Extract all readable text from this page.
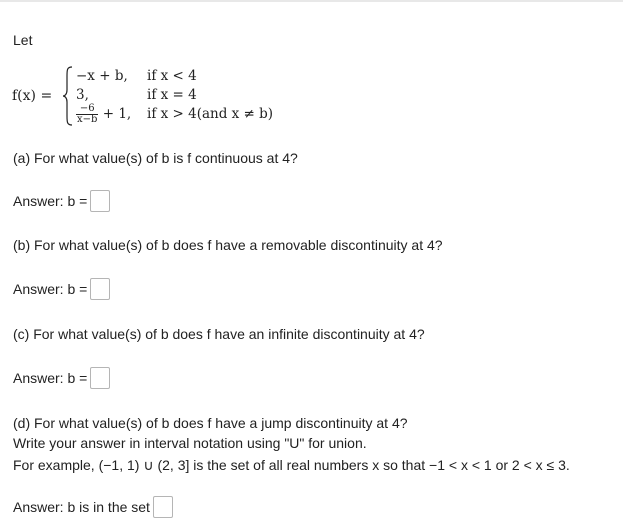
Let
f(x) =
−x + b, if x < 4
3,	if x = 4
$\frac{-6}{x-b} + 1$, if x > 4(and x ≠ b)
(a) For what value(s) of b is f continuous at 4?
Answer: b =
(b) For what value(s) of b does f have a removable discontinuity at 4?
Answer: b =
(c) For what value(s) of b does f have an infinite discontinuity at 4?
Answer: b =
(d) For what value(s) of b does f have a jump discontinuity at 4?
Write your answer in interval notation using "U" for union.
For example, (−1, 1) ∪ (2, 3] is the set of all real numbers x so that −1 < x < 1 or 2 < x ≤ 3.
Answer: b is in the set
